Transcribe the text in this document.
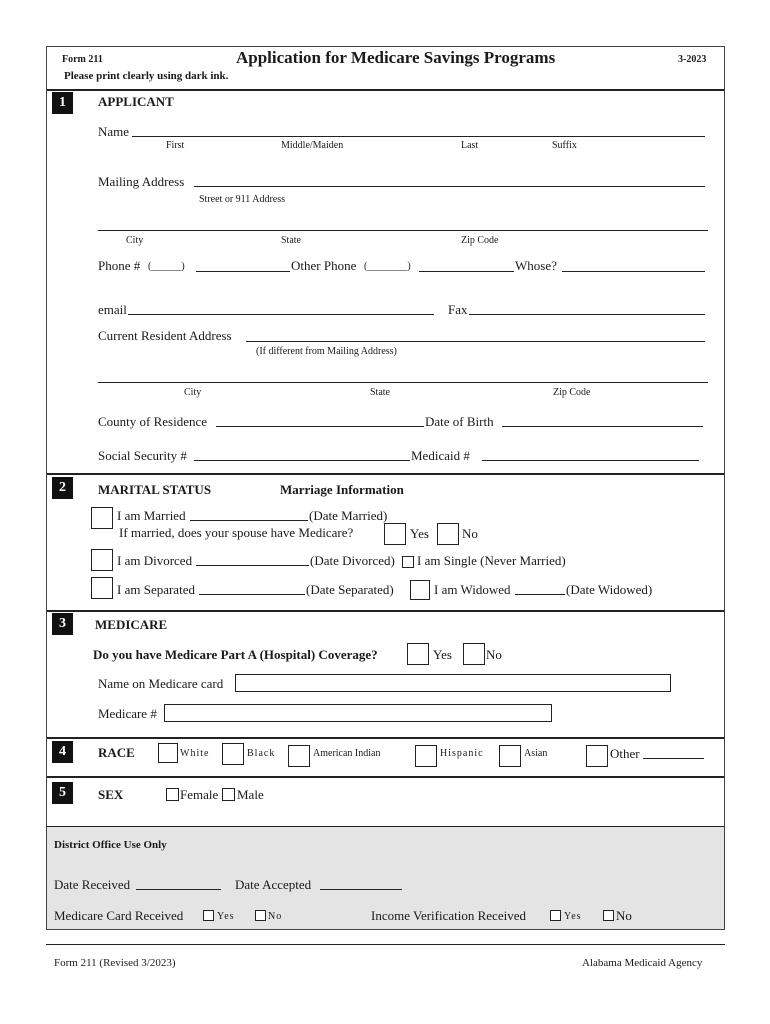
Form 211	Application for Medicare Savings Programs	3-2023
Please print clearly using dark ink.
1	APPLICANT
Name
First	Middle/Maiden	Last	Suffix
Mailing Address
Street or 911 Address
City	State	Zip Code
Phone # (______)	Other Phone (________)	Whose?
email	Fax
Current Resident Address
(If different from Mailing Address)
City	State	Zip Code
County of Residence	Date of Birth
Social Security #	Medicaid #
2	MARITAL STATUS	Marriage Information
I am Married	(Date Married)
If married, does your spouse have Medicare?	Yes	No
I am Divorced	(Date Divorced) I am Single (Never Married)
I am Separated	(Date Separated)	I am Widowed	(Date Widowed)
3	MEDICARE
Do you have Medicare Part A (Hospital) Coverage?	Yes	No
Name on Medicare card
Medicare #
4	RACE	White	Black	American Indian	Hispanic	Asian	Other
5	SEX	Female Male
District Office Use Only
Date Received	Date Accepted
Medicare Card Received	Yes	No	Income Verification Received	Yes	No
Form 211 (Revised 3/2023)	Alabama Medicaid Agency
